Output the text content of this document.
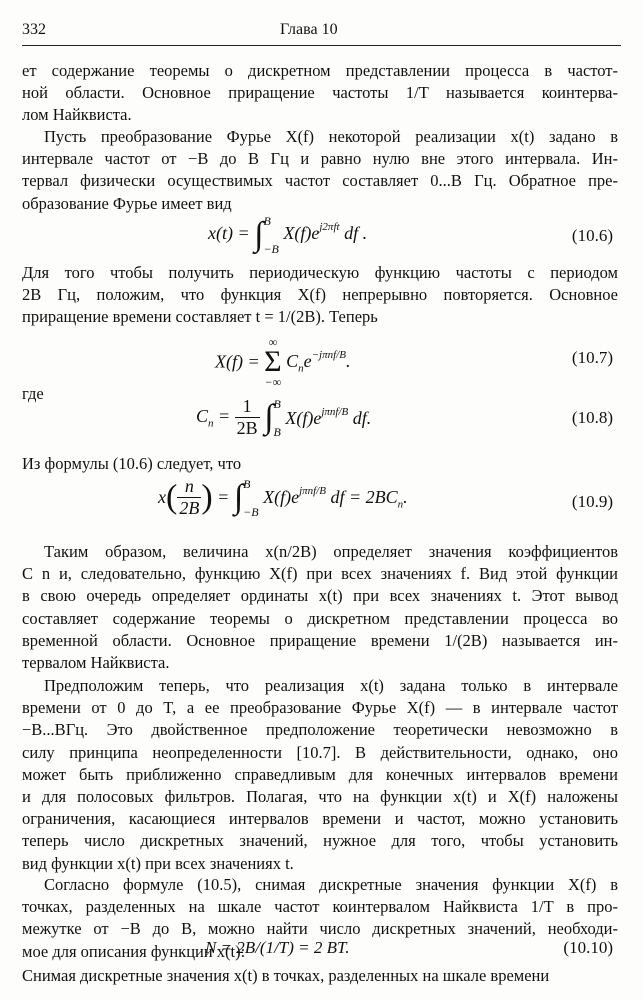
332	Глава 10
ет содержание теоремы о дискретном представлении процесса в частот-
ной области. Основное приращение частоты 1/T называется коинтерва-
лом Найквиста.
Пусть преобразование Фурье X(f) некоторой реализации x(t) задано в
интервале частот от −B до B Гц и равно нулю вне этого интервала. Ин-
тервал физически осуществимых частот составляет 0...B Гц. Обратное пре-
образование Фурье имеет вид
x(t) = ∫ B
−B
$X(f)e^{j2\pi ft}$ df .	(10.6)
Для того чтобы получить периодическую функцию частоты с периодом
2B Гц, положим, что функция X(f) непрерывно повторяется. Основное
приращение времени составляет t = 1/(2B). Теперь
X(f) =
∞
Σ
−∞
$C_ne^{-j\pi nf/B}$.	(10.7)
где
$C_n = \frac{1}{2B}$ ∫ B
B
$X(f)e^{j\pi nf/B}$ df.	(10.8)
Из формулы (10.6) следует, что
$x( \frac{n}{2B}$ ) = ∫ B
−B
$X(f)e^{j\pi nf/B}$ df = $2BC_n$.	(10.9)
Таким образом, величина x(n/2B) определяет значения коэффициентов
C n и, следовательно, функцию X(f) при всех значениях f. Вид этой функции
в свою очередь определяет ординаты x(t) при всех значениях t. Этот вывод
составляет содержание теоремы о дискретном представлении процесса во
временной области. Основное приращение времени 1/(2B) называется ин-
тервалом Найквиста.
Предположим теперь, что реализация x(t) задана только в интервале
времени от 0 до T, а ее преобразование Фурье X(f) — в интервале частот
−B...BГц. Это двойственное предположение теоретически невозможно в
силу принципа неопределенности [10.7]. В действительности, однако, оно
может быть приближенно справедливым для конечных интервалов времени
и для полосовых фильтров. Полагая, что на функции x(t) и X(f) наложены
ограничения, касающиеся интервалов времени и частот, можно установить
теперь число дискретных значений, нужное для того, чтобы установить
вид функции x(t) при всех значениях t.
Согласно формуле (10.5), снимая дискретные значения функции X(f) в
точках, разделенных на шкале частот коинтервалом Найквиста 1/T в про-
межутке от −B до B, можно найти число дискретных значений, необходи-
мое для описания функции x(t):
N = 2B/(1/T) = 2 BT.	(10.10)
Снимая дискретные значения x(t) в точках, разделенных на шкале времени
